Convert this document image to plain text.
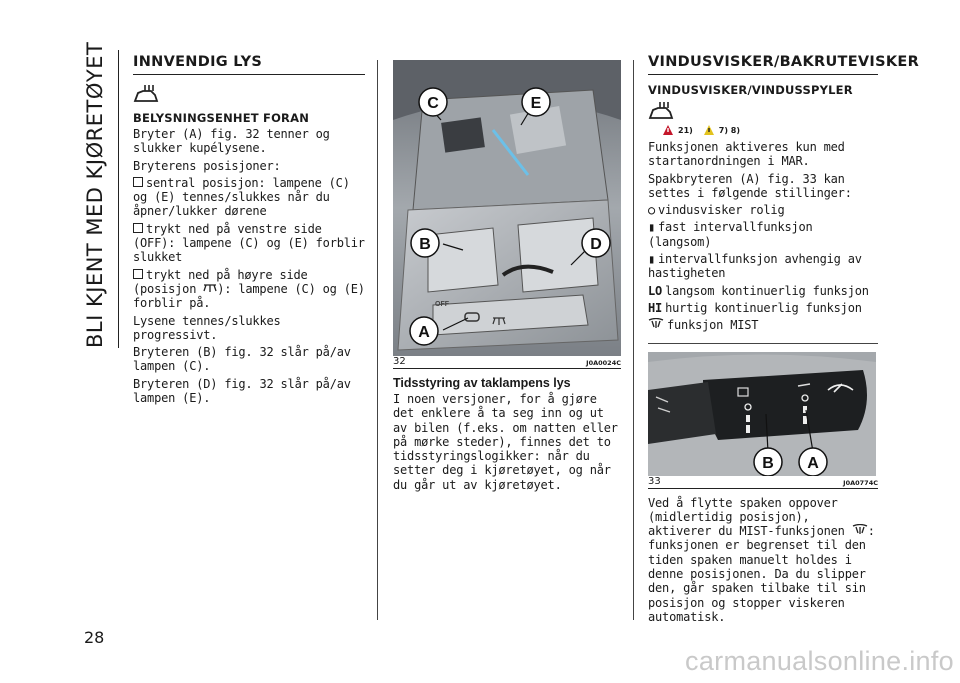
BLI KJENT MED KJØRETØYET
28
INNVENDIG LYS
BELYSNINGSENHET FORAN

Bryter (A) fig. 32 tenner og slukker kupélysene.

Bryterens posisjoner:

sentral posisjon: lampene (C) og (E) tennes/slukkes når du åpner/lukker dørene

trykt ned på venstre side (OFF): lampene (C) og (E) forblir slukket

trykt ned på høyre side (posisjon ): lampene (C) og (E) forblir på.

Lysene tennes/slukkes progressivt.

Bryteren (B) fig. 32 slår på/av lampen (C).

Bryteren (D) fig. 32 slår på/av lampen (E).

OFF
C	E
B	D
A
32	J0A0024C
Tidsstyring av taklampens lys

I noen versjoner, for å gjøre det enklere å ta seg inn og ut av bilen (f.eks. om natten eller på mørke steder), finnes det to tidsstyringslogikker: når du setter deg i kjøretøyet, og når du går ut av kjøretøyet.

VINDUSVISKER/BAKRUTEVISKER
VINDUSVISKER/VINDUSSPYLER
21)	7) 8)

Funksjonen aktiveres kun med startanordningen i MAR.

Spakbryteren (A) fig. 33 kan settes i følgende stillinger:

○ vindusvisker rolig

▮ fast intervallfunksjon (langsom)

▮ intervallfunksjon avhengig av hastigheten

LO langsom kontinuerlig funksjon

HI hurtig kontinuerlig funksjon

funksjon MIST

B A
33	J0A0774C

Ved å flytte spaken oppover (midlertidig posisjon), aktiverer du MIST-funksjonen : funksjonen er begrenset til den tiden spaken manuelt holdes i denne posisjonen. Da du slipper den, går spaken tilbake til sin posisjon og stopper viskeren automatisk.

carmanualsonline.info
